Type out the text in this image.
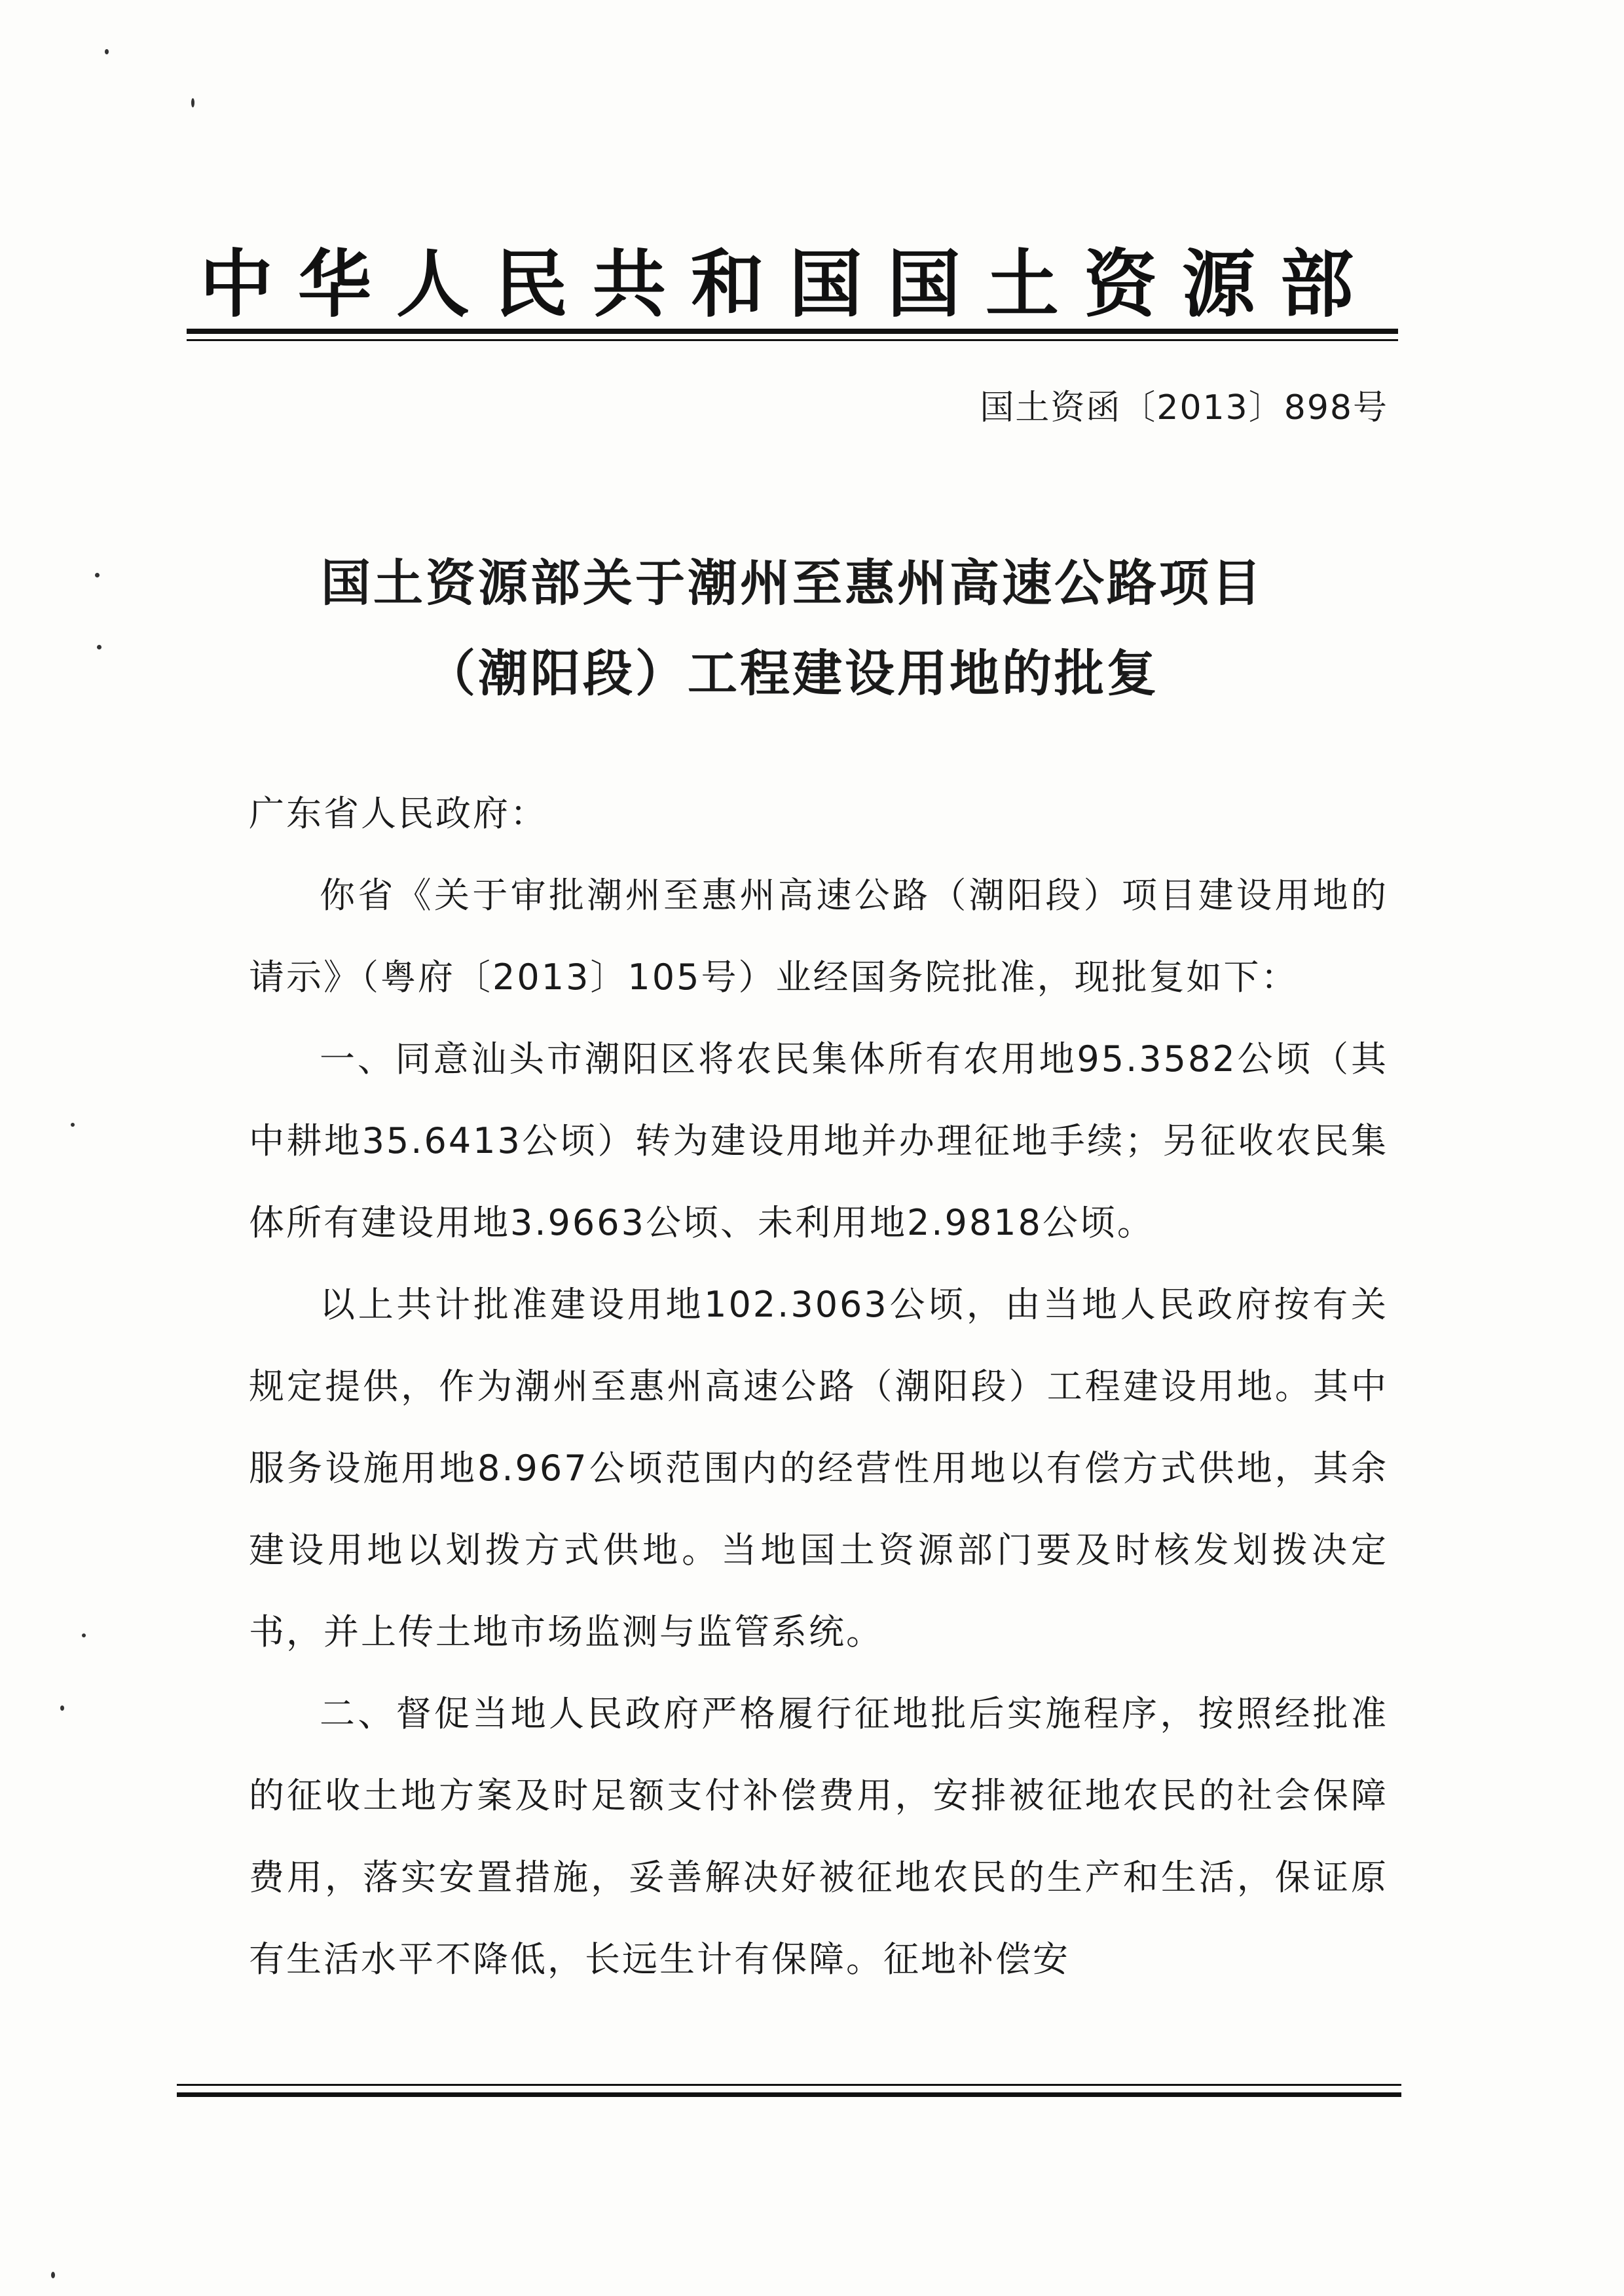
中华人民共和国国土资源部
国土资函〔2013〕898号
国土资源部关于潮州至惠州高速公路项目
（潮阳段）工程建设用地的批复

广东省人民政府：

你省《关于审批潮州至惠州高速公路（潮阳段）项目建设用地的请示》（粤府〔2013〕105号）业经国务院批准，现批复如下：

一、同意汕头市潮阳区将农民集体所有农用地95.3582公顷（其中耕地35.6413公顷）转为建设用地并办理征地手续；另征收农民集体所有建设用地3.9663公顷、未利用地2.9818公顷。

以上共计批准建设用地102.3063公顷，由当地人民政府按有关规定提供，作为潮州至惠州高速公路（潮阳段）工程建设用地。其中服务设施用地8.967公顷范围内的经营性用地以有偿方式供地，其余建设用地以划拨方式供地。当地国土资源部门要及时核发划拨决定书，并上传土地市场监测与监管系统。

二、督促当地人民政府严格履行征地批后实施程序，按照经批准的征收土地方案及时足额支付补偿费用，安排被征地农民的社会保障费用，落实安置措施，妥善解决好被征地农民的生产和生活，保证原有生活水平不降低，长远生计有保障。征地补偿安
